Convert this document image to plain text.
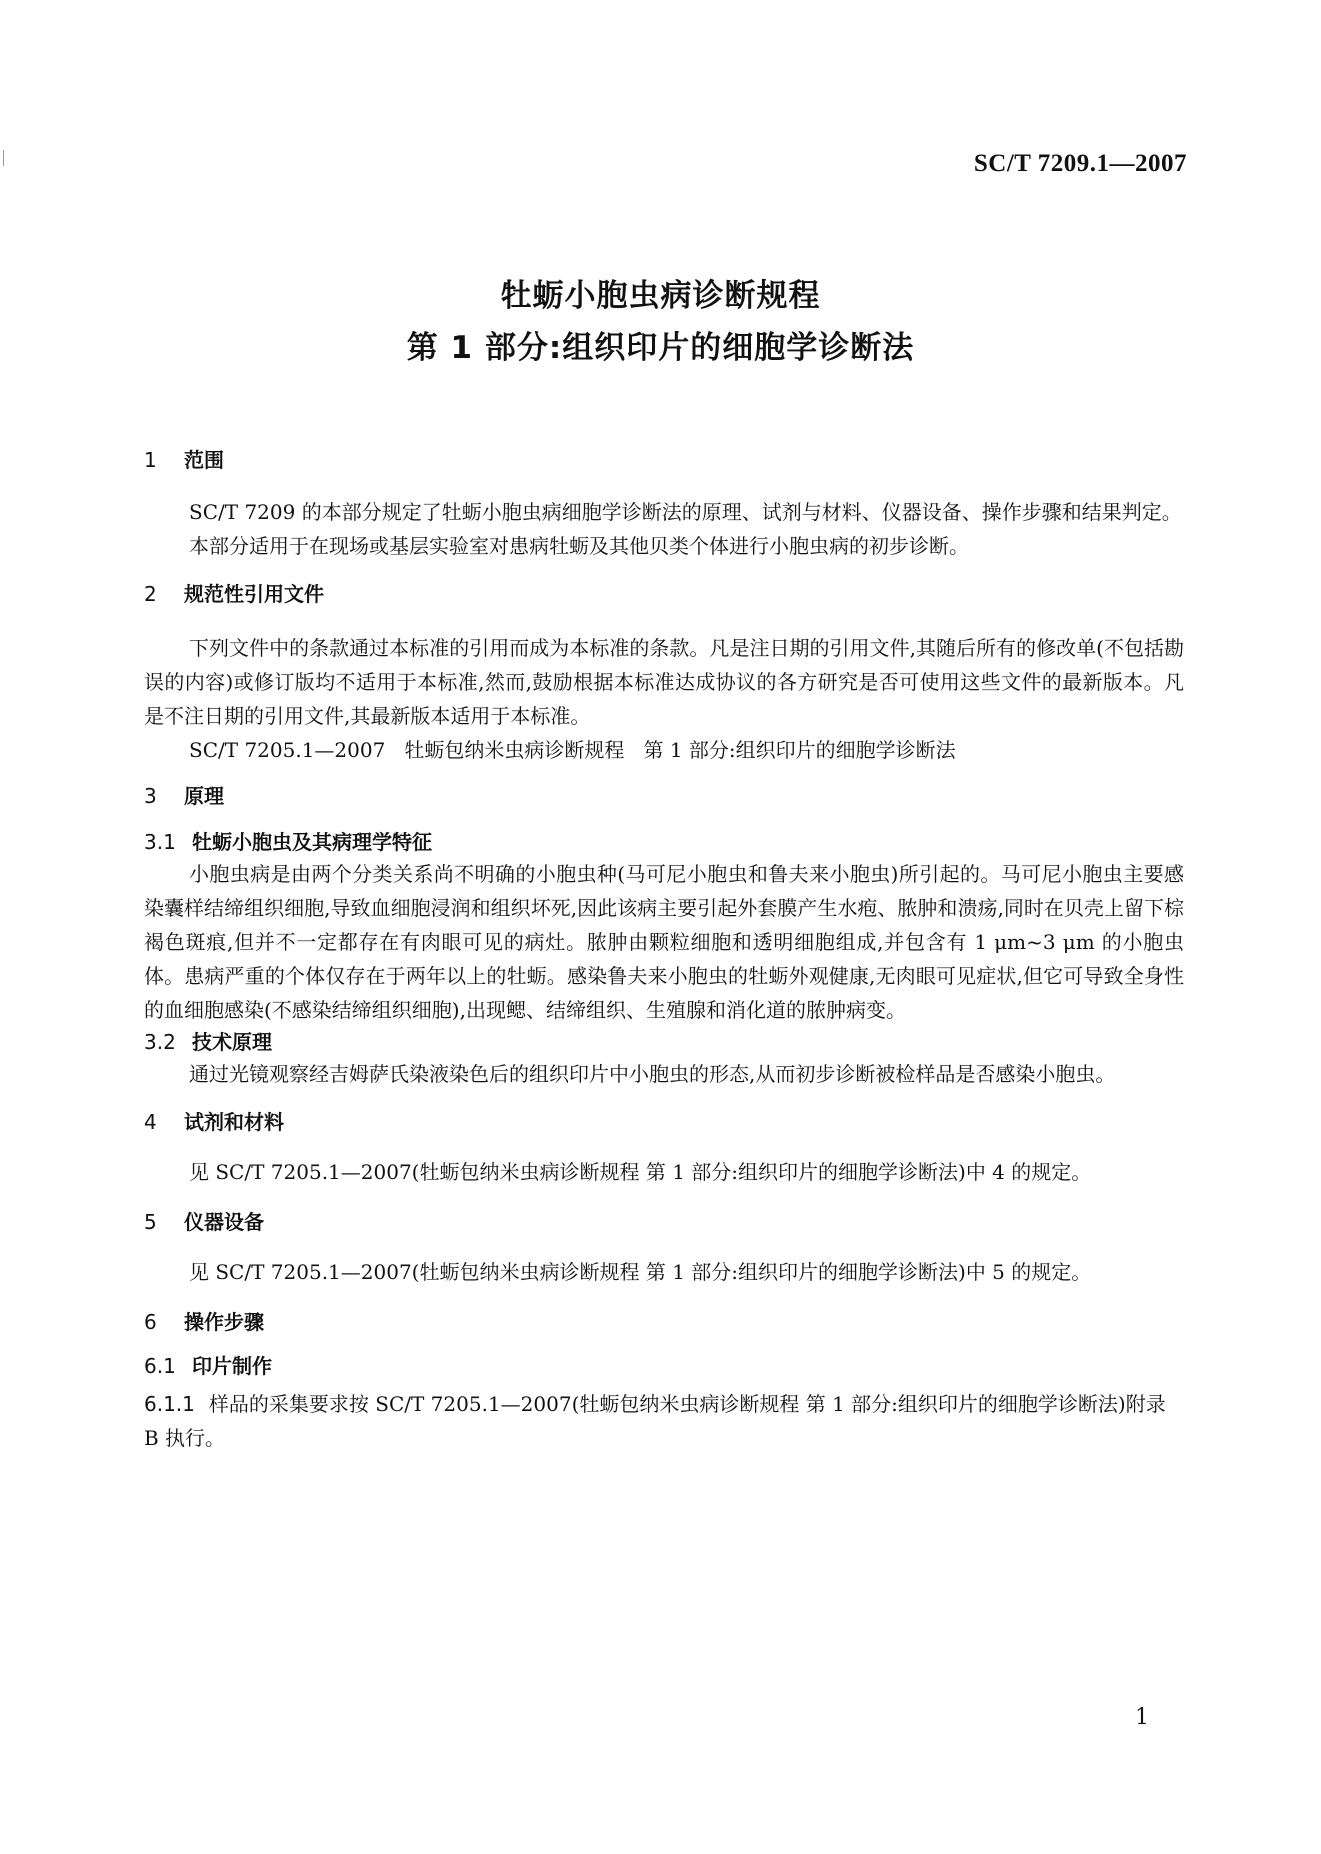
SC/T 7209.1—2007
牡蛎小胞虫病诊断规程
第 1 部分:组织印片的细胞学诊断法
1 范围
SC/T 7209 的本部分规定了牡蛎小胞虫病细胞学诊断法的原理、试剂与材料、仪器设备、操作步骤和结果判定。
本部分适用于在现场或基层实验室对患病牡蛎及其他贝类个体进行小胞虫病的初步诊断。
2 规范性引用文件
下列文件中的条款通过本标准的引用而成为本标准的条款。凡是注日期的引用文件,其随后所有的修改单(不包括勘误的内容)或修订版均不适用于本标准,然而,鼓励根据本标准达成协议的各方研究是否可使用这些文件的最新版本。凡是不注日期的引用文件,其最新版本适用于本标准。
SC/T 7205.1—2007   牡蛎包纳米虫病诊断规程   第 1 部分:组织印片的细胞学诊断法
3 原理
3.1 牡蛎小胞虫及其病理学特征
小胞虫病是由两个分类关系尚不明确的小胞虫种(马可尼小胞虫和鲁夫来小胞虫)所引起的。马可尼小胞虫主要感染囊样结缔组织细胞,导致血细胞浸润和组织坏死,因此该病主要引起外套膜产生水疱、脓肿和溃疡,同时在贝壳上留下棕褐色斑痕,但并不一定都存在有肉眼可见的病灶。脓肿由颗粒细胞和透明细胞组成,并包含有 1 μm~3 μm 的小胞虫体。患病严重的个体仅存在于两年以上的牡蛎。感染鲁夫来小胞虫的牡蛎外观健康,无肉眼可见症状,但它可导致全身性的血细胞感染(不感染结缔组织细胞),出现鳃、结缔组织、生殖腺和消化道的脓肿病变。
3.2 技术原理
通过光镜观察经吉姆萨氏染液染色后的组织印片中小胞虫的形态,从而初步诊断被检样品是否感染小胞虫。
4 试剂和材料
见 SC/T 7205.1—2007(牡蛎包纳米虫病诊断规程 第 1 部分:组织印片的细胞学诊断法)中 4 的规定。
5 仪器设备
见 SC/T 7205.1—2007(牡蛎包纳米虫病诊断规程 第 1 部分:组织印片的细胞学诊断法)中 5 的规定。
6 操作步骤
6.1 印片制作
6.1.1 样品的采集要求按 SC/T 7205.1—2007(牡蛎包纳米虫病诊断规程 第 1 部分:组织印片的细胞学诊断法)附录 B 执行。
1
